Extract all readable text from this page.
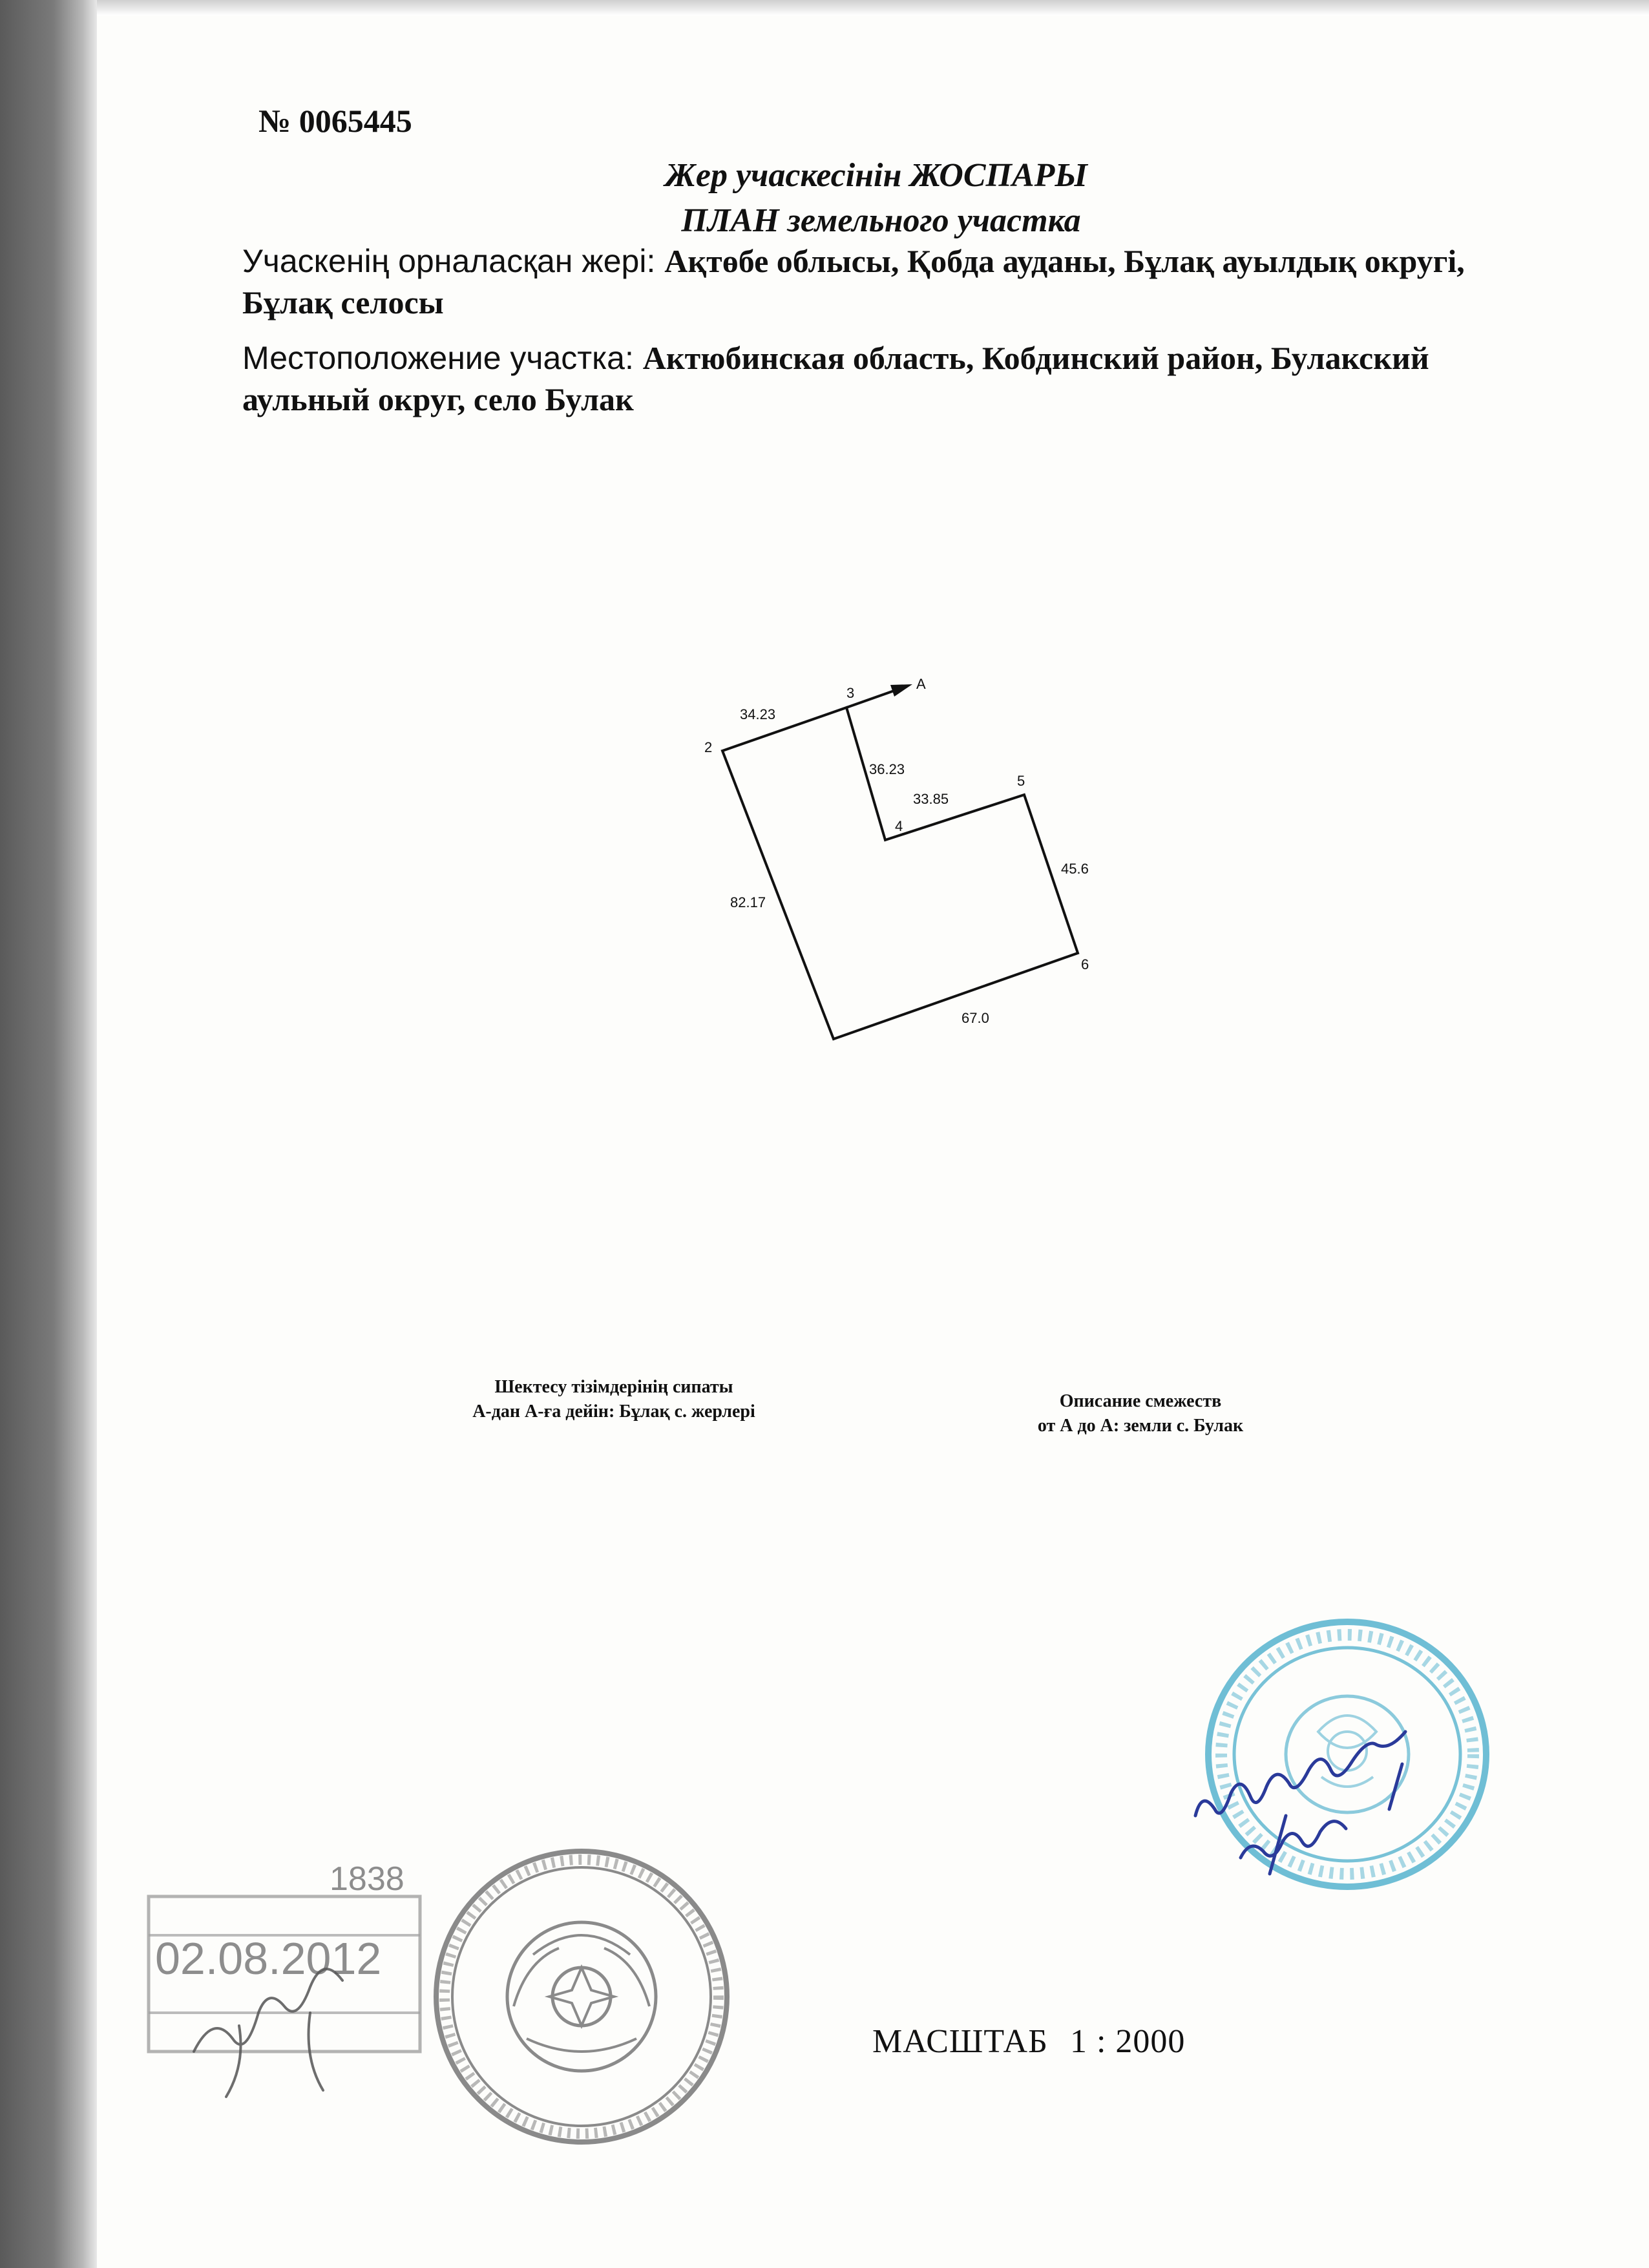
№ 0065445
Жер учаскесінін ЖОСПАРЫ
ПЛАН земельного участка
Учаскенің орналасқан жері: Ақтөбе облысы, Қобда ауданы, Бұлақ ауылдық округі, Бұлақ селосы
Местоположение участка: Актюбинская область, Кобдинский район, Булакский аульный округ, село Булак
А
2
3
4
5
6
34.23
36.23
33.85
45.6
67.0
82.17
Шектесу тізімдерінің сипаты
А-дан А-ға дейін: Бұлақ с. жерлері
Описание смежеств
от А до А: земли с. Булак
1838
02.08.2012
МАСШТАБ 1 : 2000
